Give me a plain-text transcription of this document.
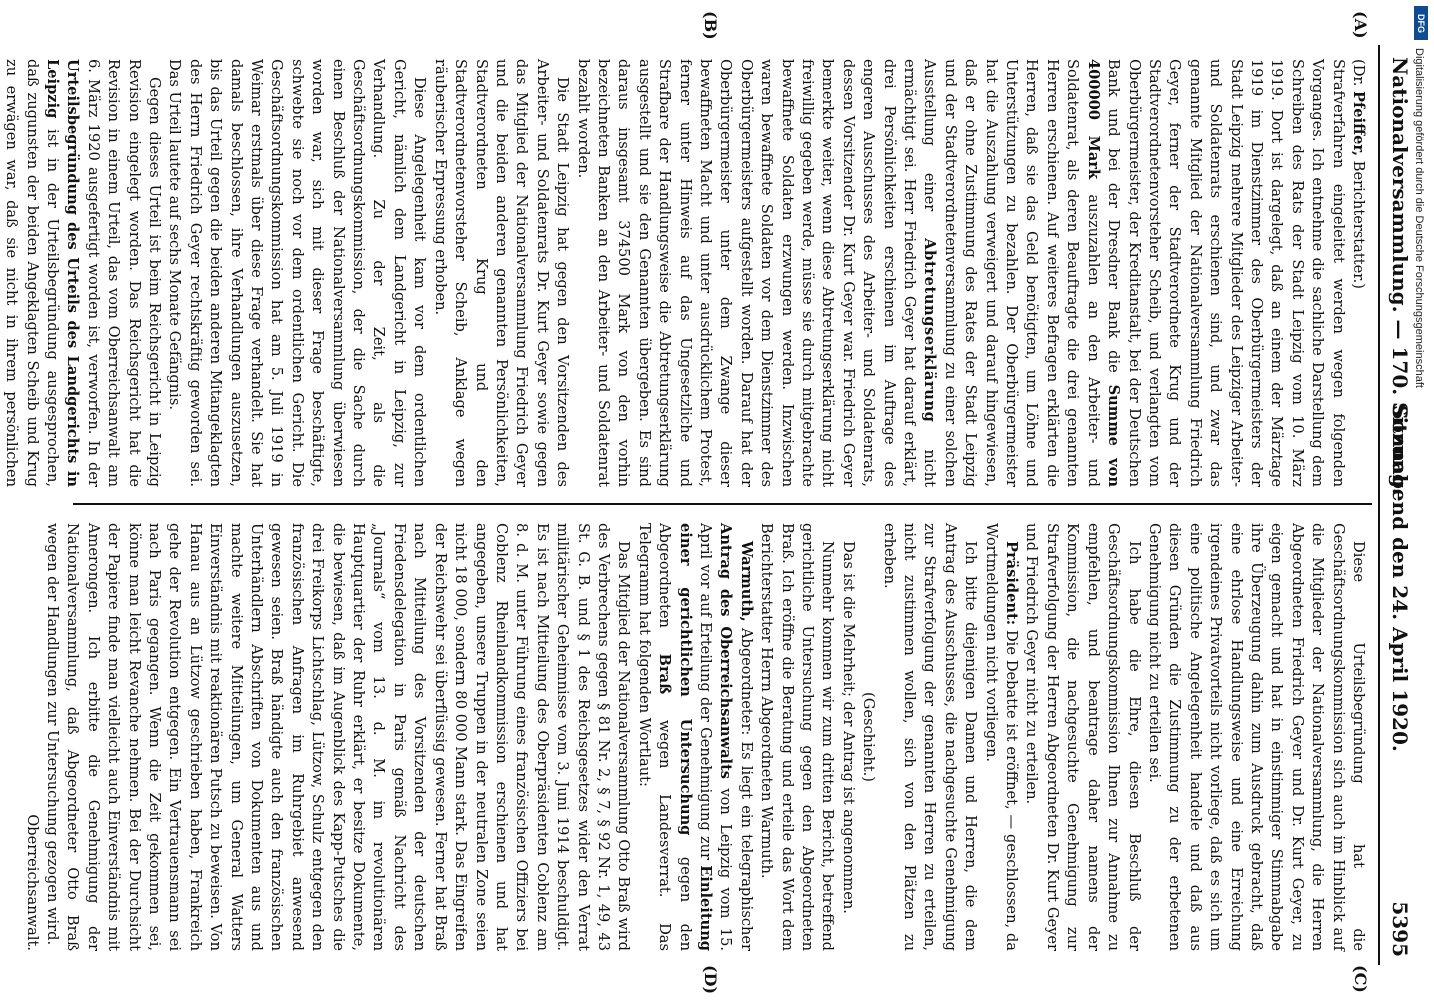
Nationalversammlung. — 170. Sitzung.
Sonnabend den 24. April 1920.
5395
(A)
(B)
(C)
(D)

(Dr. Pfeiffer, Berichterstatter.)

Strafverfahren eingeleitet werden wegen folgenden Vorganges. Ich entnehme die sachliche Darstellung dem Schreiben des Rats der Stadt Leipzig vom 10. März 1919. Dort ist dargelegt, daß an einem der Märztage 1919 im Dienstzimmer des Oberbürgermeisters der Stadt Leipzig mehrere Mitglieder des Leipziger Arbeiter- und Soldatenrats erschienen sind, und zwar das genannte Mitglied der Nationalversammlung Friedrich Geyer, ferner der Stadtverordnete Krug und der Stadtverordnetenvorsteher Scheib, und verlangten vom Oberbürgermeister, der Kreditanstalt, bei der Deutschen Bank und bei der Dresdner Bank die Summe von 400000 Mark auszuzahlen an den Arbeiter- und Soldatenrat, als deren Beauftragte die drei genannten Herren erschienen. Auf weiteres Befragen erklärten die Herren, daß sie das Geld benötigten, um Löhne und Unterstützungen zu bezahlen. Der Oberbürgermeister hat die Auszahlung verweigert und darauf hingewiesen, daß er ohne Zustimmung des Rates der Stadt Leipzig und der Stadtverordnetenversammlung zu einer solchen Ausstellung einer Abtretungserklärung nicht ermächtigt sei. Herr Friedrich Geyer hat darauf erklärt, drei Persönlichkeiten erschienen im Auftrage des engeren Ausschusses des Arbeiter- und Soldatenrats, dessen Vorsitzender Dr. Kurt Geyer war. Friedrich Geyer bemerkte weiter, wenn diese Abtretungserklärung nicht freiwillig gegeben werde, müsse sie durch mitgebrachte bewaffnete Soldaten erzwungen werden. Inzwischen waren bewaffnete Soldaten vor dem Dienstzimmer des Oberbürgermeisters aufgestellt worden. Darauf hat der Oberbürgermeister unter dem Zwange dieser bewaffneten Macht und unter ausdrücklichem Protest, ferner unter Hinweis auf das Ungesetzliche und Strafbare der Handlungsweise die Abtretungserklärung ausgestellt und sie den Genannten übergeben. Es sind daraus insgesamt 374500 Mark von den vorhin bezeichneten Banken an den Arbeiter- und Soldatenrat bezahlt worden.

Die Stadt Leipzig hat gegen den Vorsitzenden des Arbeiter- und Soldatenrats Dr. Kurt Geyer sowie gegen das Mitglied der Nationalversammlung Friedrich Geyer und die beiden anderen genannten Persönlichkeiten, Stadtverordneten Krug und den Stadtverordnetenvorsteher Scheib, Anklage wegen räuberischer Erpressung erhoben.

Diese Angelegenheit kam vor dem ordentlichen Gericht, nämlich dem Landgericht in Leipzig, zur Verhandlung. Zu der Zeit, als die Geschäftsordnungskommission, der die Sache durch einen Beschluß der Nationalversammlung überwiesen worden war, sich mit dieser Frage beschäftigte, schwebte sie noch vor dem ordentlichen Gericht. Die Geschäftsordnungskommission hat am 5. Juli 1919 in Weimar erstmals über diese Frage verhandelt. Sie hat damals beschlossen, ihre Verhandlungen auszusetzen, bis das Urteil gegen die beiden anderen Mitangeklagten des Herrn Friedrich Geyer rechtskräftig geworden sei. Das Urteil lautete auf sechs Monate Gefängnis.

Gegen dieses Urteil ist beim Reichsgericht in Leipzig Revision eingelegt worden. Das Reichsgericht hat die Revision in einem Urteil, das vom Oberreichsanwalt am 6. März 1920 ausgefertigt worden ist, verworfen. In der Urteilsbegründung des Urteils des Landgerichts in Leipzig ist in der Urteilsbegründung ausgesprochen, daß zugunsten der beiden Angeklagten Scheib und Krug zu erwägen war, daß sie nicht in ihrem persönlichen

Diese Urteilsbegründung hat die Geschäftsordnungskommission sich auch im Hinblick auf die Mitglieder der Nationalversammlung, die Herren Abgeordneten Friedrich Geyer und Dr. Kurt Geyer, zu eigen gemacht und hat in einstimmiger Stimmabgabe ihre Überzeugung dahin zum Ausdruck gebracht, daß eine ehrlose Handlungsweise und eine Erreichung irgendeines Privatvorteils nicht vorliege, daß es sich um eine politische Angelegenheit handele und daß aus diesen Gründen die Zustimmung zu der erbetenen Genehmigung nicht zu erteilen sei.

Ich habe die Ehre, diesen Beschluß der Geschäftsordnungskommission Ihnen zur Annahme zu empfehlen, und beantrage daher namens der Kommission, die nachgesuchte Genehmigung zur Strafverfolgung der Herren Abgeordneten Dr. Kurt Geyer und Friedrich Geyer nicht zu erteilen.

Präsident: Die Debatte ist eröffnet, — geschlossen, da Wortmeldungen nicht vorliegen.

Ich bitte diejenigen Damen und Herren, die dem Antrag des Ausschusses, die nachgesuchte Genehmigung zur Strafverfolgung der genannten Herren zu erteilen, nicht zustimmen wollen, sich von den Plätzen zu erheben.

(Geschieht.)

Das ist die Mehrheit; der Antrag ist angenommen.

Nunmehr kommen wir zum dritten Bericht, betreffend gerichtliche Untersuchung gegen den Abgeordneten Braß. Ich eröffne die Beratung und erteile das Wort dem Berichterstatter Herrn Abgeordneten Warmuth.

Warmuth, Abgeordneter: Es liegt ein telegraphischer Antrag des Oberreichsanwalts von Leipzig vom 15. April vor auf Erteilung der Genehmigung zur Einleitung einer gerichtlichen Untersuchung gegen den Abgeordneten Braß wegen Landesverrat. Das Telegramm hat folgenden Wortlaut:

Das Mitglied der Nationalversammlung Otto Braß wird des Verbrechens gegen § 81 Nr. 2, § 7, § 92 Nr. 1, 49, 43 St. G. B. und § 1 des Reichsgesetzes wider den Verrat militärischer Geheimnisse vom 3. Juni 1914 beschuldigt. Es ist nach Mitteilung des Oberpräsidenten Coblenz am 8. d. M. unter Führung eines französischen Offiziers bei Coblenz Rheinlandkommission erschienen und hat angegeben, unsere Truppen in der neutralen Zone seien nicht 18 000, sondern 80 000 Mann stark. Das Eingreifen der Reichswehr sei überflüssig gewesen. Ferner hat Braß nach Mitteilung des Vorsitzenden der deutschen Friedensdelegation in Paris gemäß Nachricht des „Journals“ vom 13. d. M. im revolutionären Hauptquartier der Ruhr erklärt, er besitze Dokumente, die bewiesen, daß im Augenblick des Kapp-Putsches die drei Freikorps Lichtschlag, Lützow, Schulz entgegen den französischen Anfragen im Ruhrgebiet anwesend gewesen seien. Braß händigte auch den französischen Unterhändlern Abschriften von Dokumenten aus und machte weitere Mitteilungen, um General Watters Einverständnis mit reaktionären Putsch zu beweisen. Von Hanau aus an Lützow geschrieben haben, Frankreich gehe der Revolution entgegen. Ein Vertrauensmann sei nach Paris gegangen. Wenn die Zeit gekommen sei, könne man leicht Revanche nehmen. Bei der Durchsicht der Papiere finde man vielleicht auch Einverständnis mit Amerongen. Ich erbitte die Genehmigung der Nationalversammlung, daß Abgeordneter Otto Braß wegen der Handlungen zur Untersuchung gezogen wird.

Oberreichsanwalt.

DFG
Digitalisierung gefördert durch die Deutsche Forschungsgemeinschaft
